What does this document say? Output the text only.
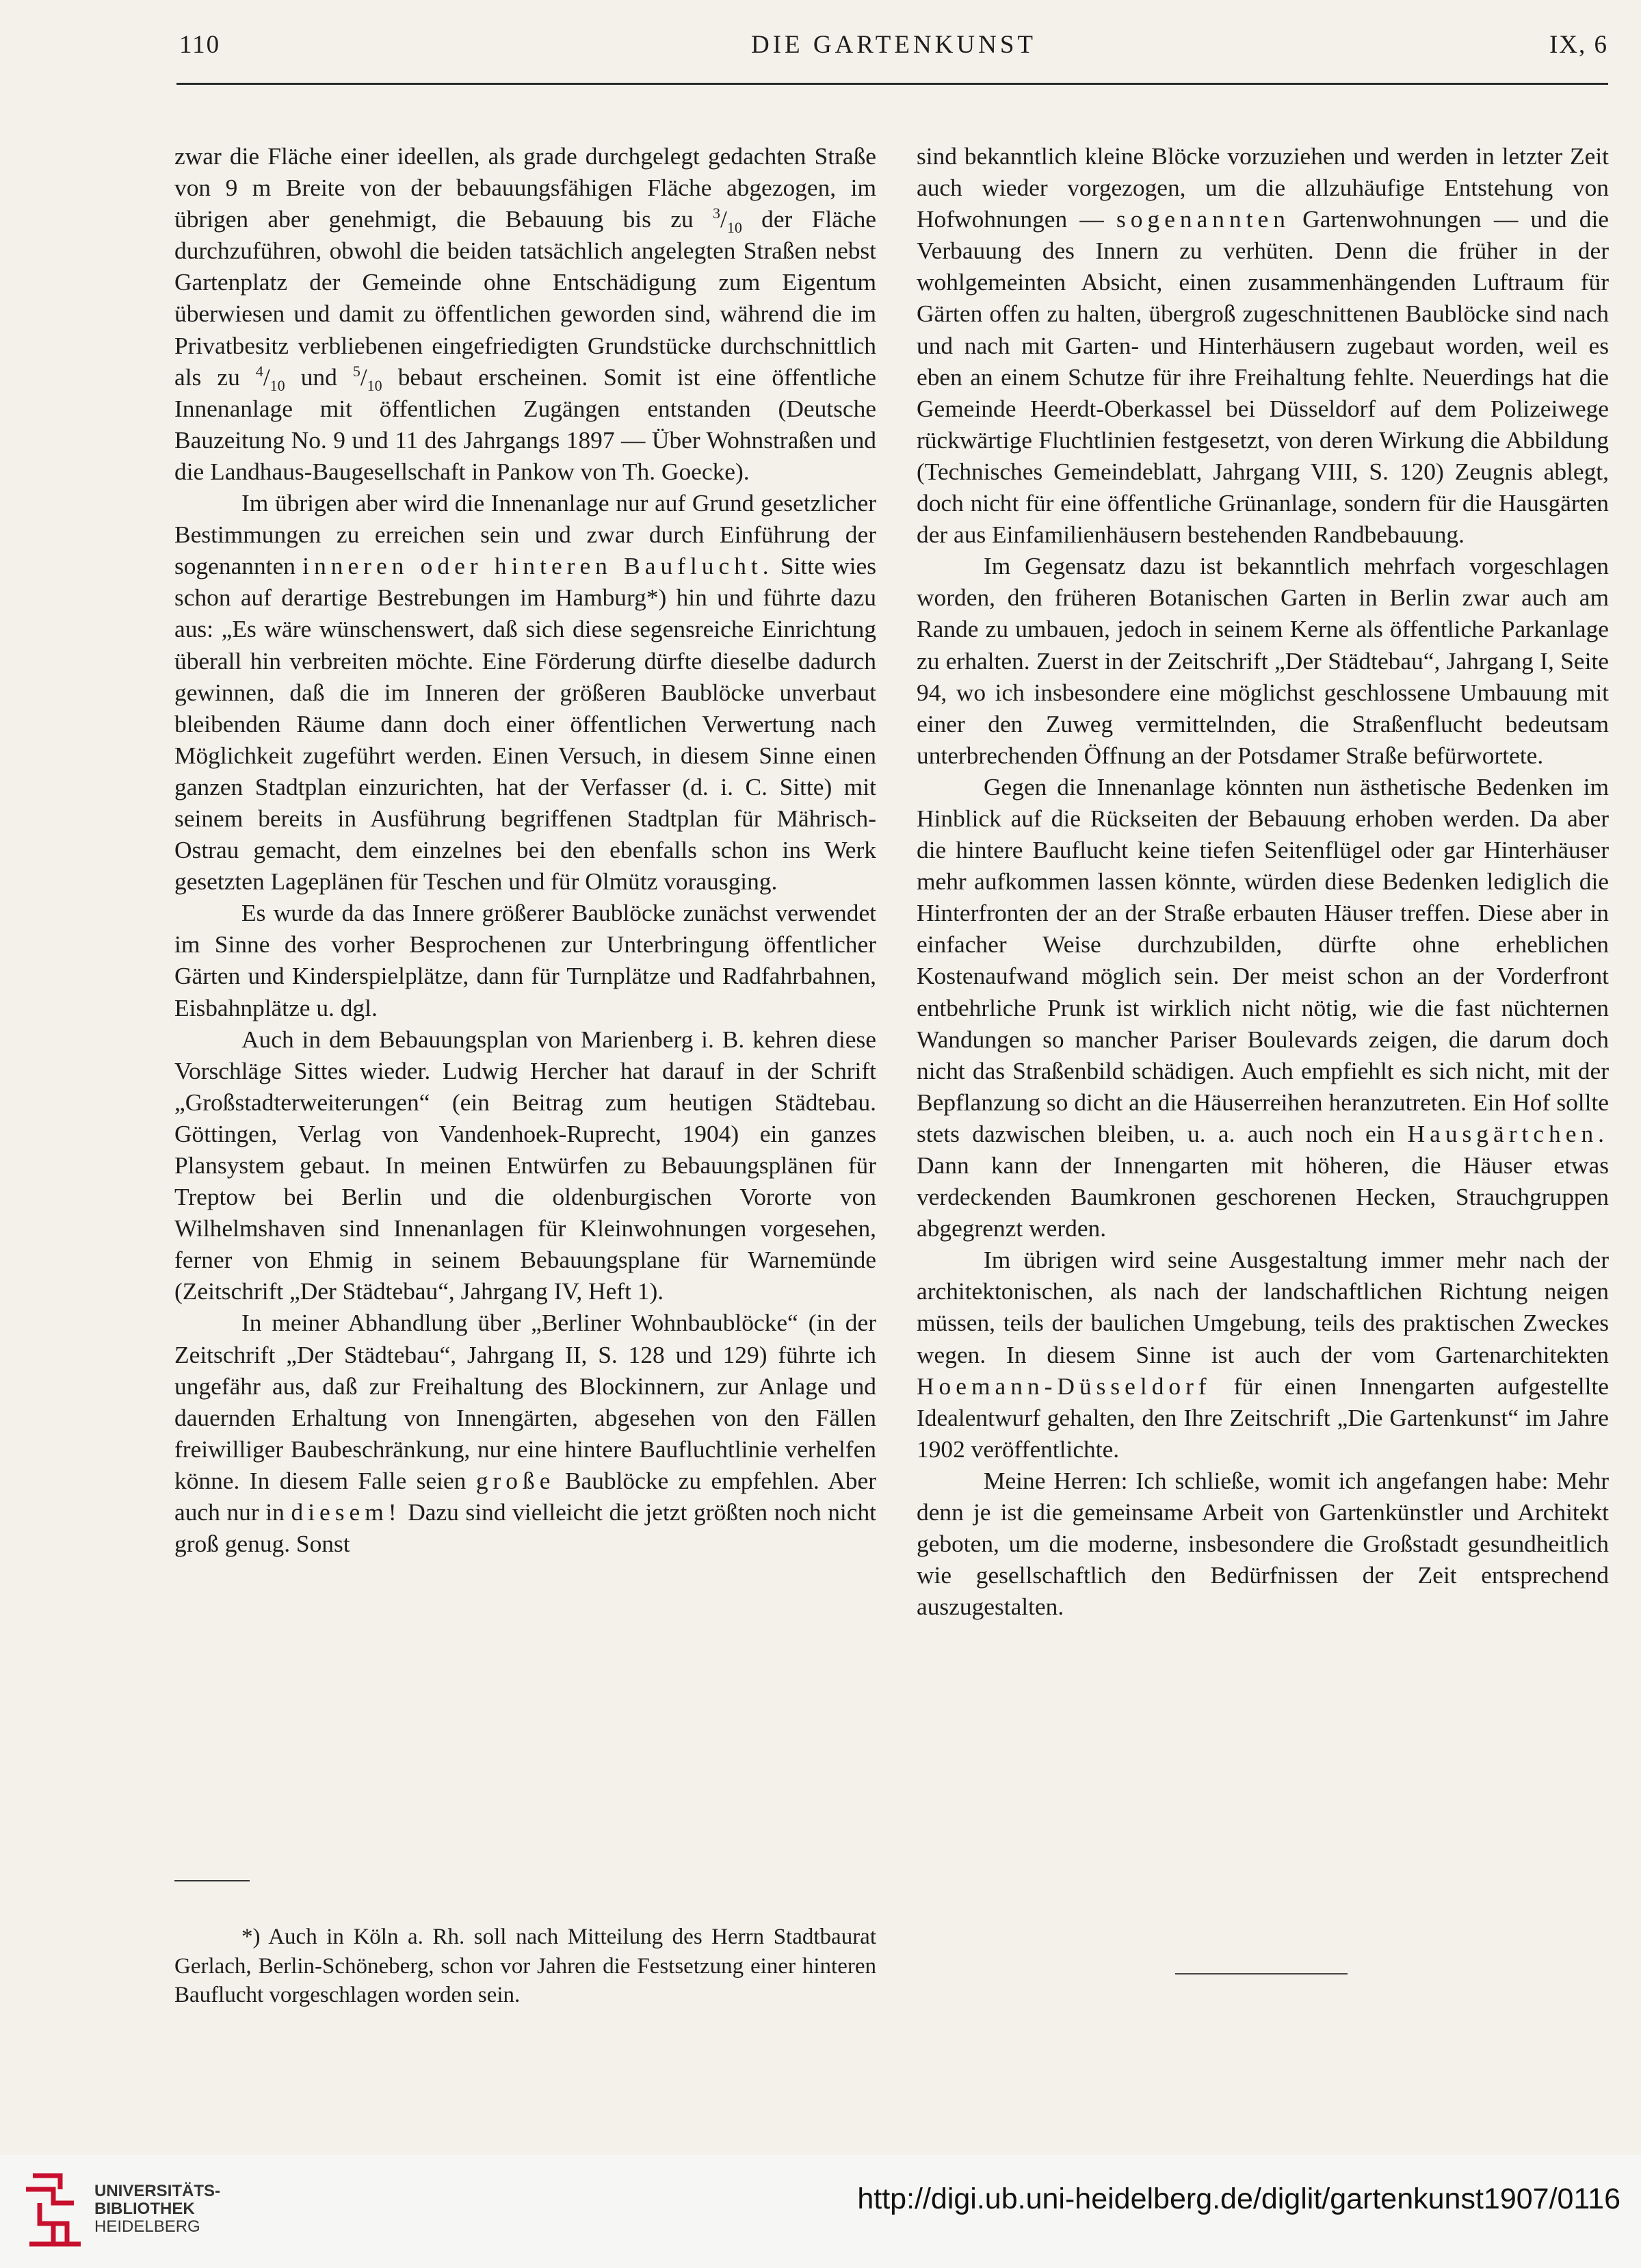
110	DIE GARTENKUNST	IX, 6

zwar die Fläche einer ideellen, als grade durchgelegt gedachten Straße von 9 m Breite von der bebauungsfähigen Fläche abgezogen, im übrigen aber genehmigt, die Bebauung bis zu $^3/_{10}$ der Fläche durchzuführen, obwohl die beiden tatsächlich angelegten Straßen nebst Gartenplatz der Gemeinde ohne Entschädigung zum Eigentum überwiesen und damit zu öffentlichen geworden sind, während die im Privatbesitz verbliebenen eingefriedigten Grundstücke durchschnittlich als zu $^4/_{10}$ und $^5/_{10}$ bebaut erscheinen. Somit ist eine öffentliche Innenanlage mit öffentlichen Zugängen entstanden (Deutsche Bauzeitung No. 9 und 11 des Jahrgangs 1897 — Über Wohnstraßen und die Landhaus-Baugesellschaft in Pankow von Th. Goecke).

Im übrigen aber wird die Innenanlage nur auf Grund gesetzlicher Bestimmungen zu erreichen sein und zwar durch Einführung der sogenannten inneren oder hinteren Bauflucht. Sitte wies schon auf derartige Bestrebungen im Hamburg*) hin und führte dazu aus: „Es wäre wünschenswert, daß sich diese segensreiche Einrichtung überall hin verbreiten möchte. Eine Förderung dürfte dieselbe dadurch gewinnen, daß die im Inneren der größeren Baublöcke unverbaut bleibenden Räume dann doch einer öffentlichen Verwertung nach Möglichkeit zugeführt werden. Einen Versuch, in diesem Sinne einen ganzen Stadtplan einzurichten, hat der Verfasser (d. i. C. Sitte) mit seinem bereits in Ausführung begriffenen Stadtplan für Mährisch-Ostrau gemacht, dem einzelnes bei den ebenfalls schon ins Werk gesetzten Lageplänen für Teschen und für Olmütz vorausging.

Es wurde da das Innere größerer Baublöcke zunächst verwendet im Sinne des vorher Besprochenen zur Unterbringung öffentlicher Gärten und Kinderspielplätze, dann für Turnplätze und Radfahrbahnen, Eisbahnplätze u. dgl.

Auch in dem Bebauungsplan von Marienberg i. B. kehren diese Vorschläge Sittes wieder. Ludwig Hercher hat darauf in der Schrift „Großstadterweiterungen“ (ein Beitrag zum heutigen Städtebau. Göttingen, Verlag von Vandenhoek-Ruprecht, 1904) ein ganzes Plansystem gebaut. In meinen Entwürfen zu Bebauungsplänen für Treptow bei Berlin und die oldenburgischen Vororte von Wilhelmshaven sind Innenanlagen für Kleinwohnungen vorgesehen, ferner von Ehmig in seinem Bebauungsplane für Warnemünde (Zeitschrift „Der Städtebau“, Jahrgang IV, Heft 1).

In meiner Abhandlung über „Berliner Wohnbaublöcke“ (in der Zeitschrift „Der Städtebau“, Jahrgang II, S. 128 und 129) führte ich ungefähr aus, daß zur Freihaltung des Blockinnern, zur Anlage und dauernden Erhaltung von Innengärten, abgesehen von den Fällen freiwilliger Baubeschränkung, nur eine hintere Baufluchtlinie verhelfen könne. In diesem Falle seien große Baublöcke zu empfehlen. Aber auch nur in diesem! Dazu sind vielleicht die jetzt größten noch nicht groß genug. Sonst

*) Auch in Köln a. Rh. soll nach Mitteilung des Herrn Stadtbaurat Gerlach, Berlin-Schöneberg, schon vor Jahren die Festsetzung einer hinteren Bauflucht vorgeschlagen worden sein.

sind bekanntlich kleine Blöcke vorzuziehen und werden in letzter Zeit auch wieder vorgezogen, um die allzuhäufige Entstehung von Hofwohnungen — sogenannten Gartenwohnungen — und die Verbauung des Innern zu verhüten. Denn die früher in der wohlgemeinten Absicht, einen zusammenhängenden Luftraum für Gärten offen zu halten, übergroß zugeschnittenen Baublöcke sind nach und nach mit Garten- und Hinterhäusern zugebaut worden, weil es eben an einem Schutze für ihre Freihaltung fehlte. Neuerdings hat die Gemeinde Heerdt-Oberkassel bei Düsseldorf auf dem Polizeiwege rückwärtige Fluchtlinien festgesetzt, von deren Wirkung die Abbildung (Technisches Gemeindeblatt, Jahrgang VIII, S. 120) Zeugnis ablegt, doch nicht für eine öffentliche Grünanlage, sondern für die Hausgärten der aus Einfamilienhäusern bestehenden Randbebauung.

Im Gegensatz dazu ist bekanntlich mehrfach vorgeschlagen worden, den früheren Botanischen Garten in Berlin zwar auch am Rande zu umbauen, jedoch in seinem Kerne als öffentliche Parkanlage zu erhalten. Zuerst in der Zeitschrift „Der Städtebau“, Jahrgang I, Seite 94, wo ich insbesondere eine möglichst geschlossene Umbauung mit einer den Zuweg vermittelnden, die Straßenflucht bedeutsam unterbrechenden Öffnung an der Potsdamer Straße befürwortete.

Gegen die Innenanlage könnten nun ästhetische Bedenken im Hinblick auf die Rückseiten der Bebauung erhoben werden. Da aber die hintere Bauflucht keine tiefen Seitenflügel oder gar Hinterhäuser mehr aufkommen lassen könnte, würden diese Bedenken lediglich die Hinterfronten der an der Straße erbauten Häuser treffen. Diese aber in einfacher Weise durchzubilden, dürfte ohne erheblichen Kostenaufwand möglich sein. Der meist schon an der Vorderfront entbehrliche Prunk ist wirklich nicht nötig, wie die fast nüchternen Wandungen so mancher Pariser Boulevards zeigen, die darum doch nicht das Straßenbild schädigen. Auch empfiehlt es sich nicht, mit der Bepflanzung so dicht an die Häuserreihen heranzutreten. Ein Hof sollte stets dazwischen bleiben, u. a. auch noch ein Hausgärtchen. Dann kann der Innengarten mit höheren, die Häuser etwas verdeckenden Baumkronen geschorenen Hecken, Strauchgruppen abgegrenzt werden.

Im übrigen wird seine Ausgestaltung immer mehr nach der architektonischen, als nach der landschaftlichen Richtung neigen müssen, teils der baulichen Umgebung, teils des praktischen Zweckes wegen. In diesem Sinne ist auch der vom Gartenarchitekten Hoemann-Düsseldorf für einen Innengarten aufgestellte Idealentwurf gehalten, den Ihre Zeitschrift „Die Gartenkunst“ im Jahre 1902 veröffentlichte.

Meine Herren: Ich schließe, womit ich angefangen habe: Mehr denn je ist die gemeinsame Arbeit von Gartenkünstler und Architekt geboten, um die moderne, insbesondere die Großstadt gesundheitlich wie gesellschaftlich den Bedürfnissen der Zeit entsprechend auszugestalten.

UNIVERSITÄTS-
BIBLIOTHEK
HEIDELBERG
http://digi.ub.uni-heidelberg.de/diglit/gartenkunst1907/0116
